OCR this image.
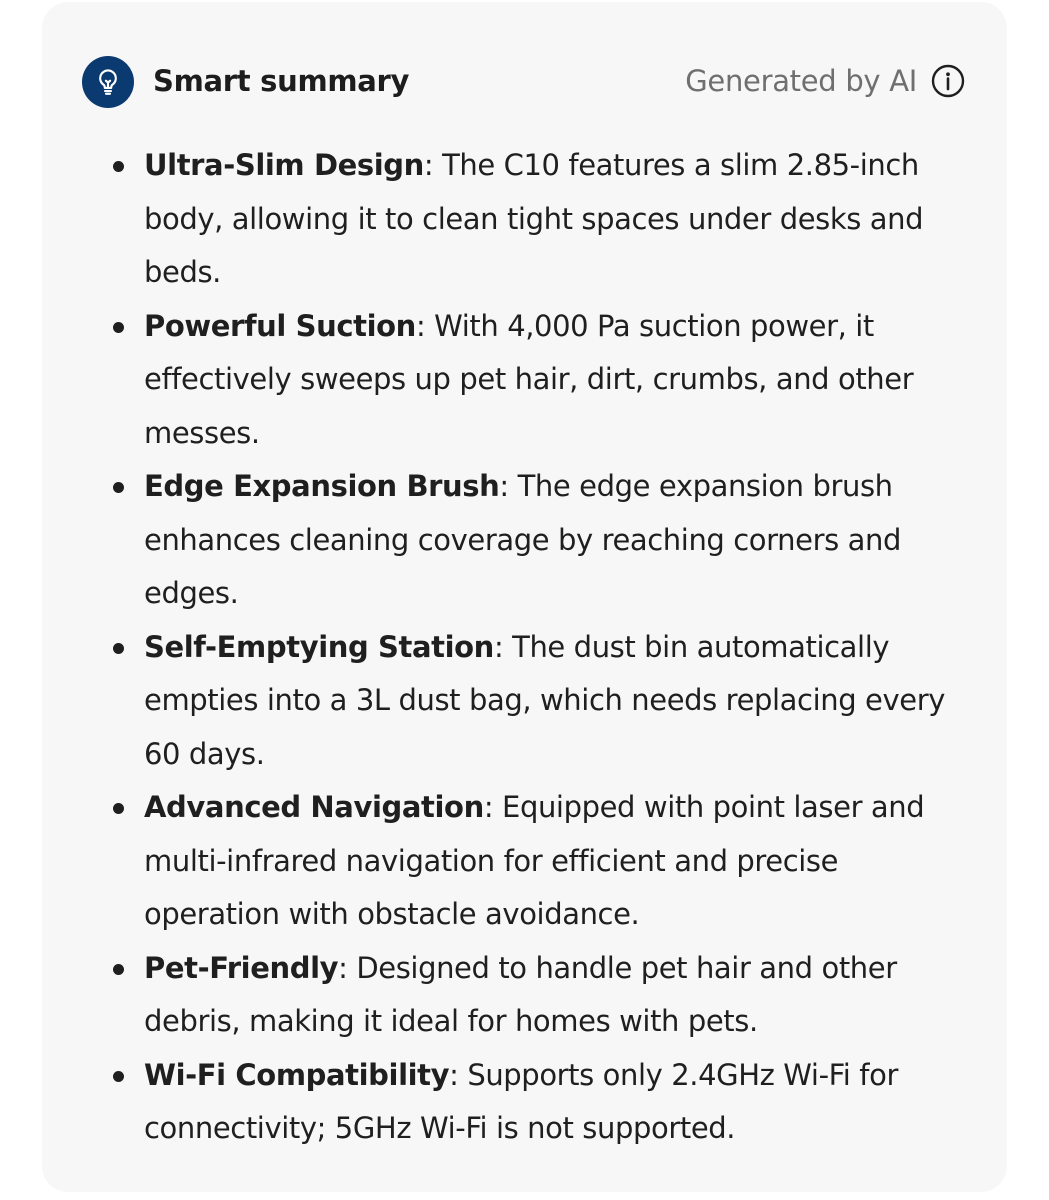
Smart summary	Generated by AI
Ultra-Slim Design: The C10 features a slim 2.85-inch body, allowing it to clean tight spaces under desks and beds.
Powerful Suction: With 4,000 Pa suction power, it effectively sweeps up pet hair, dirt, crumbs, and other messes.
Edge Expansion Brush: The edge expansion brush enhances cleaning coverage by reaching corners and edges.
Self-Emptying Station: The dust bin automatically empties into a 3L dust bag, which needs replacing every 60 days.
Advanced Navigation: Equipped with point laser and multi-infrared navigation for efficient and precise operation with obstacle avoidance.
Pet-Friendly: Designed to handle pet hair and other debris, making it ideal for homes with pets.
Wi-Fi Compatibility: Supports only 2.4GHz Wi-Fi for connectivity; 5GHz Wi-Fi is not supported.
